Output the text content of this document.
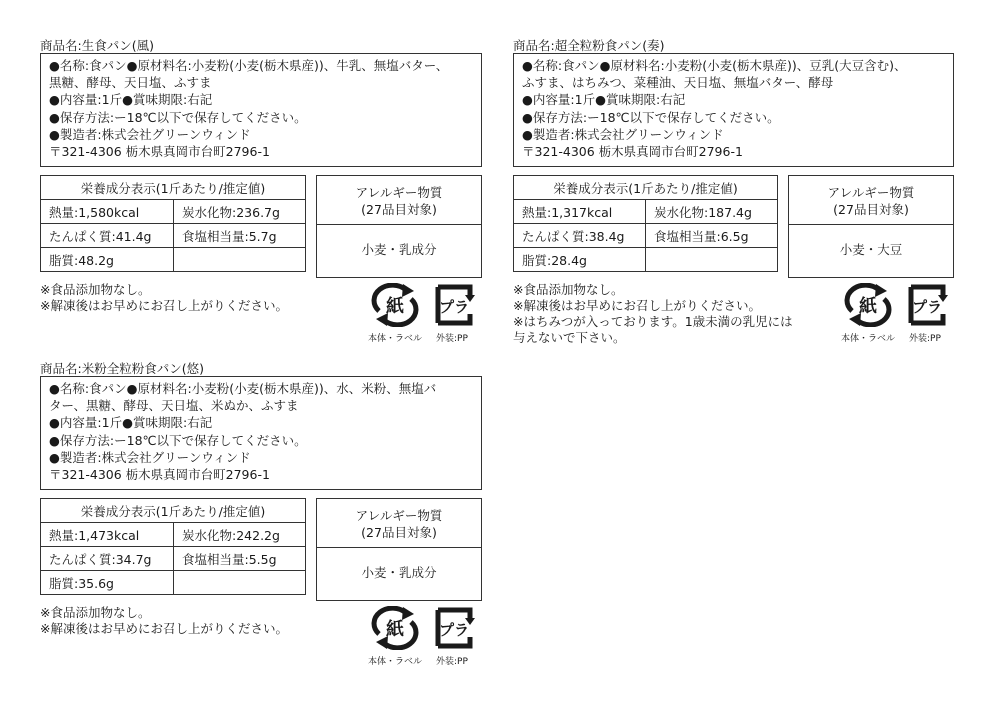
商品名:生食パン(風)
●名称:食パン●原材料名:小麦粉(小麦(栃木県産))、牛乳、無塩バター、
黒糖、酵母、天日塩、ふすま
●内容量:1斤●賞味期限:右記
●保存方法:ー18℃以下で保存してください。
●製造者:株式会社グリーンウィンド
〒321-4306 栃木県真岡市台町2796-1
栄養成分表示(1斤あたり/推定値)	
熱量:1,580kcal	炭水化物:236.7g
たんぱく質:41.4g	食塩相当量:5.7g
脂質:48.2g	
アレルギー物質
(27品目対象)
小麦・乳成分
※食品添加物なし。
※解凍後はお早めにお召し上がりください。	紙 プラ
本体・ラベル 外装:PP
商品名:超全粒粉食パン(奏)
●名称:食パン●原材料名:小麦粉(小麦(栃木県産))、豆乳(大豆含む)、
ふすま、はちみつ、菜種油、天日塩、無塩バター、酵母
●内容量:1斤●賞味期限:右記
●保存方法:ー18℃以下で保存してください。
●製造者:株式会社グリーンウィンド
〒321-4306 栃木県真岡市台町2796-1
栄養成分表示(1斤あたり/推定値)	
熱量:1,317kcal	炭水化物:187.4g
たんぱく質:38.4g	食塩相当量:6.5g
脂質:28.4g	
アレルギー物質
(27品目対象)
小麦・大豆
※食品添加物なし。
※解凍後はお早めにお召し上がりください。
※はちみつが入っております。1歳未満の乳児には
与えないで下さい。
紙 プラ
本体・ラベル 外装:PP
商品名:米粉全粒粉食パン(悠)
●名称:食パン●原材料名:小麦粉(小麦(栃木県産))、水、米粉、無塩バ
ター、黒糖、酵母、天日塩、米ぬか、ふすま
●内容量:1斤●賞味期限:右記
●保存方法:ー18℃以下で保存してください。
●製造者:株式会社グリーンウィンド
〒321-4306 栃木県真岡市台町2796-1
栄養成分表示(1斤あたり/推定値)	
熱量:1,473kcal	炭水化物:242.2g
たんぱく質:34.7g	食塩相当量:5.5g
脂質:35.6g	
アレルギー物質
(27品目対象)
小麦・乳成分
※食品添加物なし。
※解凍後はお早めにお召し上がりください。	紙 プラ
本体・ラベル 外装:PP
